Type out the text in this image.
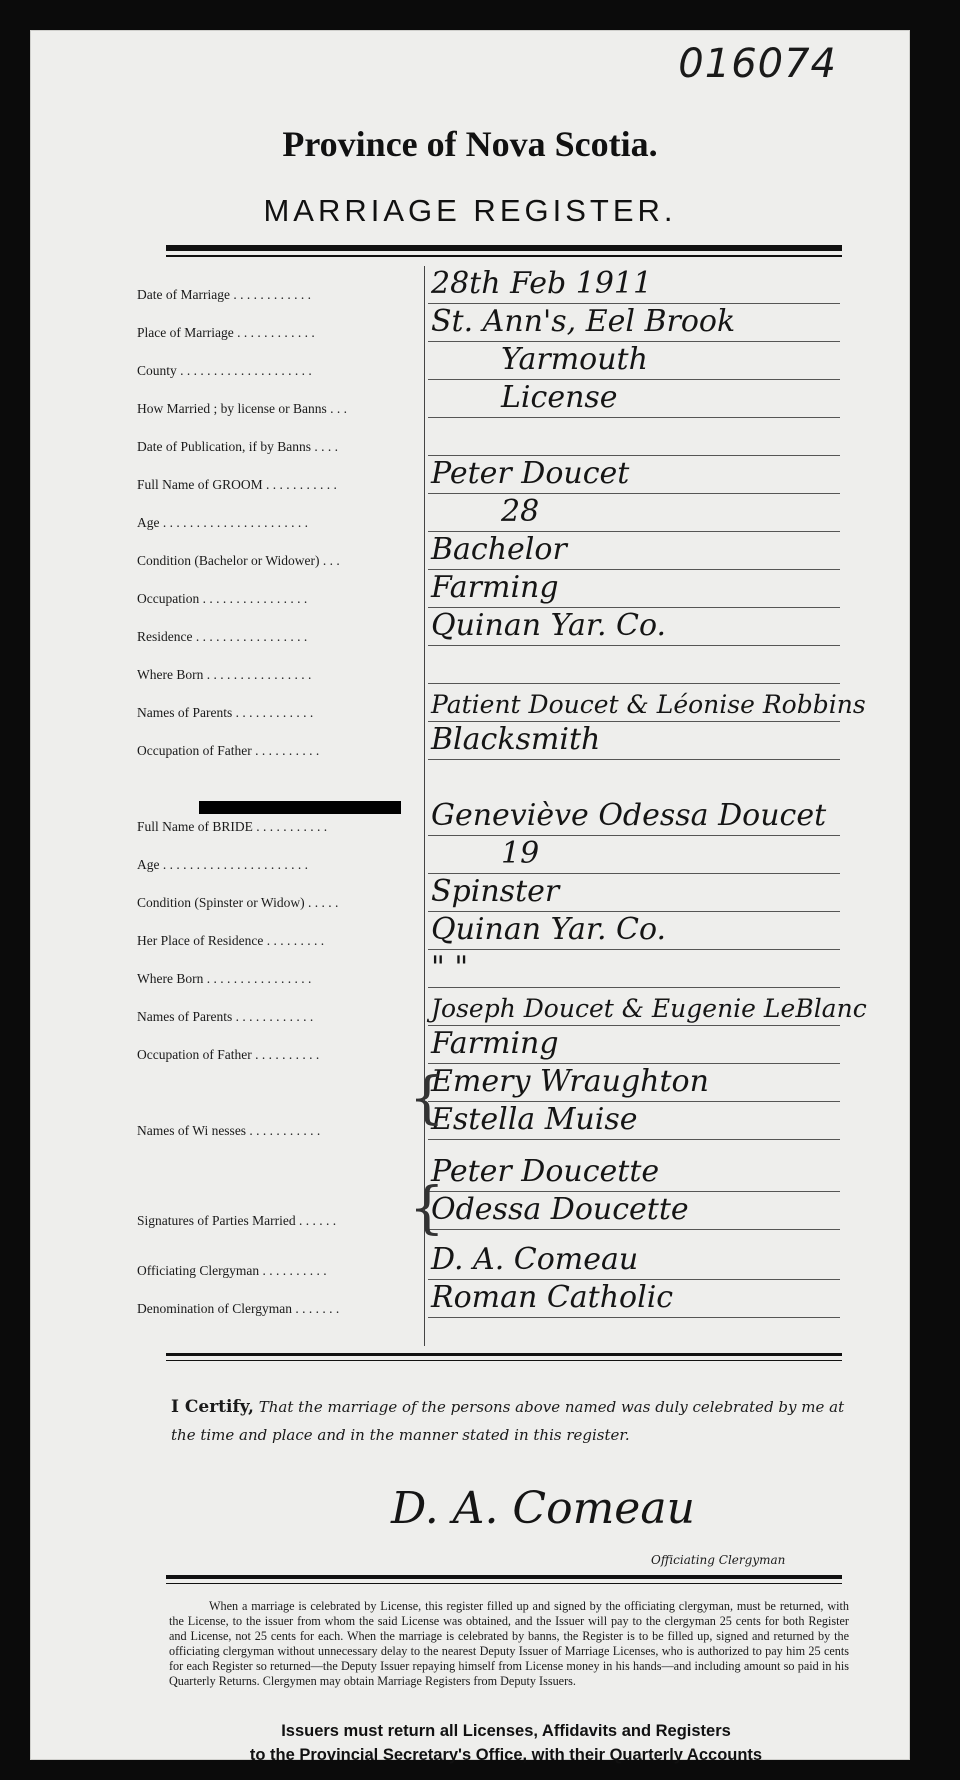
016074
Province of Nova Scotia.
MARRIAGE REGISTER.
Date of Marriage . . . . . . . . . . . .	28th Feb 1911
Place of Marriage . . . . . . . . . . . .	St. Ann's, Eel Brook
County . . . . . . . . . . . . . . . . . . . .	Yarmouth
How Married ; by license or Banns . . .	License
Date of Publication, if by Banns . . . .
Full Name of GROOM . . . . . . . . . . .	Peter Doucet
Age . . . . . . . . . . . . . . . . . . . . . .	28
Condition (Bachelor or Widower) . . .	Bachelor
Occupation . . . . . . . . . . . . . . . .	Farming
Residence . . . . . . . . . . . . . . . . .	Quinan Yar. Co.
Where Born . . . . . . . . . . . . . . . .
Names of Parents . . . . . . . . . . . .	Patient Doucet & Léonise Robbins
Occupation of Father . . . . . . . . . .	Blacksmith
Full Name of BRIDE . . . . . . . . . . .	Geneviève Odessa Doucet
Age . . . . . . . . . . . . . . . . . . . . . .	19
Condition (Spinster or Widow) . . . . .	Spinster
Her Place of Residence . . . . . . . . .	Quinan Yar. Co.
Where Born . . . . . . . . . . . . . . . .	" "
Names of Parents . . . . . . . . . . . .	Joseph Doucet & Eugenie LeBlanc
Occupation of Father . . . . . . . . . .	Farming
Emery Wraughton
Names of Wi nesses . . . . . . . . . . .	Estella Muise
Peter Doucette
Signatures of Parties Married . . . . . .	Odessa Doucette
Officiating Clergyman . . . . . . . . . .	D. A. Comeau
Denomination of Clergyman . . . . . . .	Roman Catholic
{
{
I Certify, That the marriage of the persons above named was duly celebrated by me at the time and place and in the manner stated in this register.
D. A. Comeau
Officiating Clergyman
When a marriage is celebrated by License, this register filled up and signed by the officiating clergyman, must be returned, with the License, to the issuer from whom the said License was obtained, and the Issuer will pay to the clergyman 25 cents for both Register and License, not 25 cents for each. When the marriage is celebrated by banns, the Register is to be filled up, signed and returned by the officiating clergyman without unnecessary delay to the nearest Deputy Issuer of Marriage Licenses, who is authorized to pay him 25 cents for each Register so returned—the Deputy Issuer repaying himself from License money in his hands—and including amount so paid in his Quarterly Returns. Clergymen may obtain Marriage Registers from Deputy Issuers.
Issuers must return all Licenses, Affidavits and Registers
to the Provincial Secretary's Office, with their Quarterly Accounts
